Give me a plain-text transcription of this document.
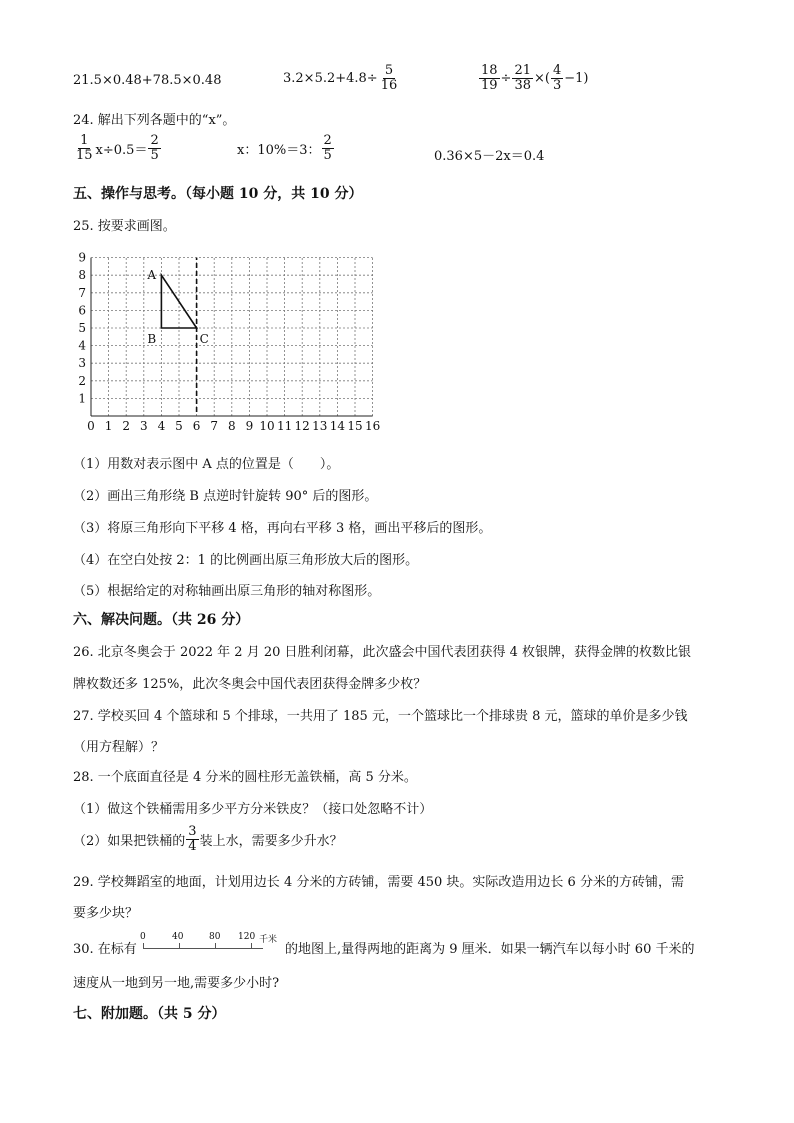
21.5×0.48+78.5×0.48	$3.2\times 5.2+4.8\div \frac{5}{16}$	$\frac{18}{19} \div \frac{21}{38}$ ×( $\frac{4}{3} -1$)
24. 解出下列各题中的“x”。
$\frac{1}{15} x\div 0.5= \frac{2}{5}$	x：10%＝3： $\frac{2}{5}$	0.36×5－2x＝0.4
五、操作与思考。（每小题 10 分，共 10 分）
25. 按要求画图。
0 1 2 3 4 5 6 7 8 9 10 11 12 13 14 15 16
1
2
3
4
5
6
7
8
9
A
B	C
（1）用数对表示图中 A 点的位置是（　　）。
（2）画出三角形绕 B 点逆时针旋转 90° 后的图形。
（3）将原三角形向下平移 4 格，再向右平移 3 格，画出平移后的图形。
（4）在空白处按 2：1 的比例画出原三角形放大后的图形。
（5）根据给定的对称轴画出原三角形的轴对称图形。
六、解决问题。（共 26 分）
26. 北京冬奥会于 2022 年 2 月 20 日胜利闭幕，此次盛会中国代表团获得 4 枚银牌，获得金牌的枚数比银
牌枚数还多 125%，此次冬奥会中国代表团获得金牌多少枚？
27. 学校买回 4 个篮球和 5 个排球，一共用了 185 元，一个篮球比一个排球贵 8 元，篮球的单价是多少钱
（用方程解）？
28. 一个底面直径是 4 分米的圆柱形无盖铁桶，高 5 分米。
（1）做这个铁桶需用多少平方分米铁皮？（接口处忽略不计）
（2）如果把铁桶的 $\frac{3}{4}$ 装上水，需要多少升水？
29. 学校舞蹈室的地面，计划用边长 4 分米的方砖铺，需要 450 块。实际改造用边长 6 分米的方砖铺，需
要多少块？
30. 在标有
0	40	80 120 千米
的地图上,量得两地的距离为 9 厘米．如果一辆汽车以每小时 60 千米的
速度从一地到另一地,需要多少小时?
七、附加题。（共 5 分）
